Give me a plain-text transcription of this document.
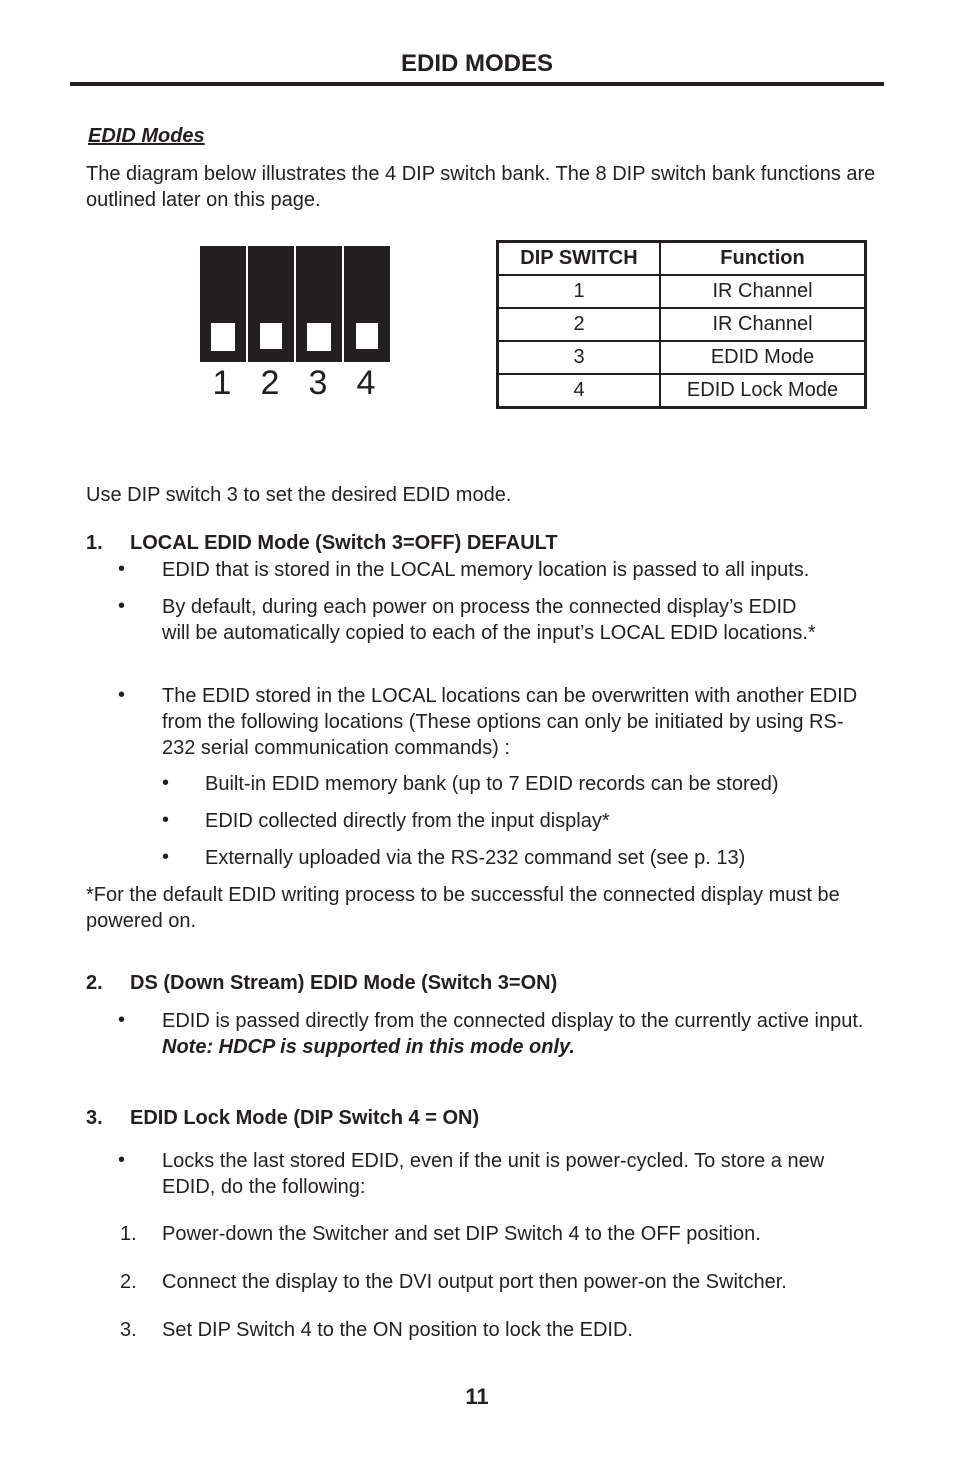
EDID MODES
EDID Modes
The diagram below illustrates the 4 DIP switch bank. The 8 DIP switch bank functions are outlined later on this page.
1 2 3 4
DIP SWITCH	Function
1	IR Channel
2	IR Channel
3	EDID Mode
4	EDID Lock Mode
Use DIP switch 3 to set the desired EDID mode.
1. LOCAL EDID Mode (Switch 3=OFF) DEFAULT
• EDID that is stored in the LOCAL memory location is passed to all inputs.
• By default, during each power on process the connected display’s EDID will be automatically copied to each of the input’s LOCAL EDID locations.*
• The EDID stored in the LOCAL locations can be overwritten with another EDID from the following locations (These options can only be initiated by using RS-232 serial communication commands) :
• Built-in EDID memory bank (up to 7 EDID records can be stored)
• EDID collected directly from the input display*
• Externally uploaded via the RS-232 command set (see p. 13)
*For the default EDID writing process to be successful the connected display must be powered on.
2. DS (Down Stream) EDID Mode (Switch 3=ON)
• EDID is passed directly from the connected display to the currently active input. Note: HDCP is supported in this mode only.
3. EDID Lock Mode (DIP Switch 4 = ON)
• Locks the last stored EDID, even if the unit is power-cycled. To store a new EDID, do the following:
1. Power-down the Switcher and set DIP Switch 4 to the OFF position.
2. Connect the display to the DVI output port then power-on the Switcher.
3. Set DIP Switch 4 to the ON position to lock the EDID.
11
